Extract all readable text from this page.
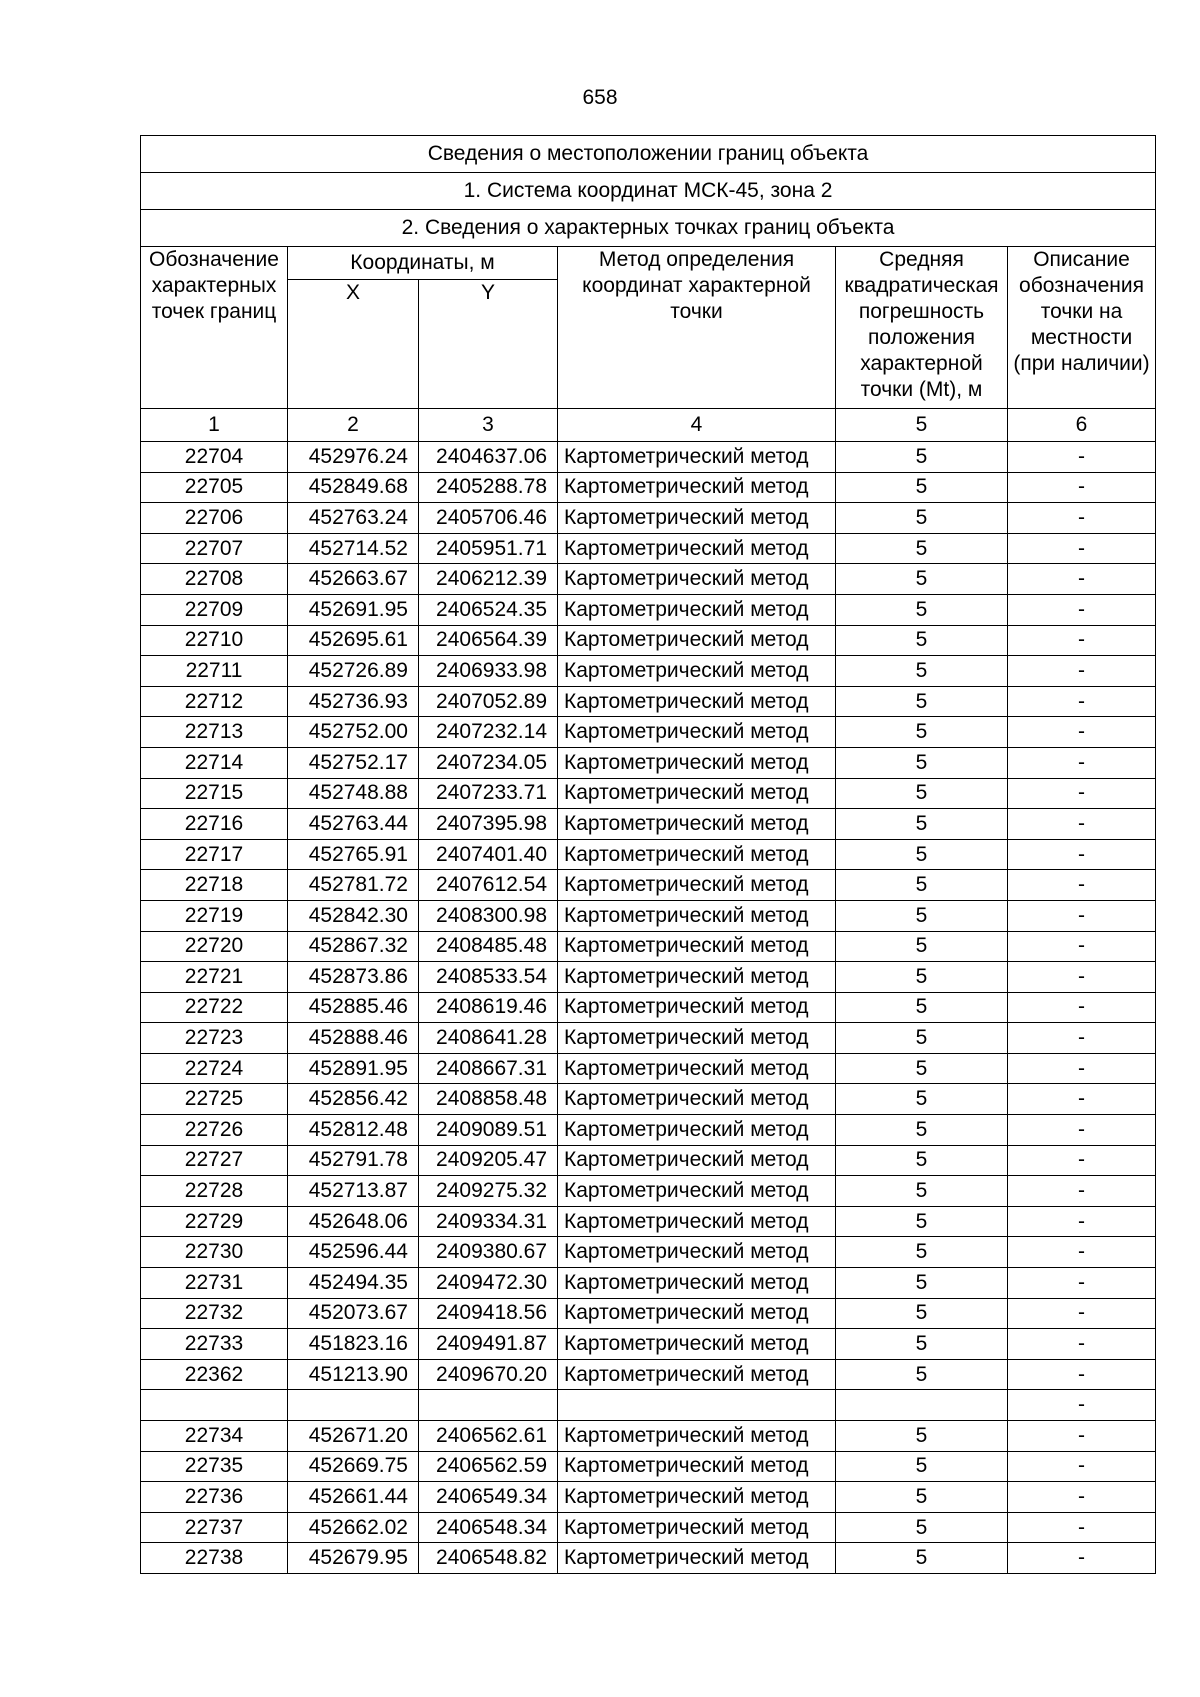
658
Сведения о местоположении границ объекта					
1. Система координат МСК-45, зона 2					
2. Сведения о характерных точках границ объекта					
Обозначение характерных точек границ	Координаты, м		Метод определения координат характерной точки	Средняя квадратическая погрешность положения характерной точки (Mt), м	Описание обозначения точки на местности (при наличии)
	X	Y			
1	2	3	4	5	6
22704	452976.24	2404637.06	Картометрический метод	5	-
22705	452849.68	2405288.78	Картометрический метод	5	-
22706	452763.24	2405706.46	Картометрический метод	5	-
22707	452714.52	2405951.71	Картометрический метод	5	-
22708	452663.67	2406212.39	Картометрический метод	5	-
22709	452691.95	2406524.35	Картометрический метод	5	-
22710	452695.61	2406564.39	Картометрический метод	5	-
22711	452726.89	2406933.98	Картометрический метод	5	-
22712	452736.93	2407052.89	Картометрический метод	5	-
22713	452752.00	2407232.14	Картометрический метод	5	-
22714	452752.17	2407234.05	Картометрический метод	5	-
22715	452748.88	2407233.71	Картометрический метод	5	-
22716	452763.44	2407395.98	Картометрический метод	5	-
22717	452765.91	2407401.40	Картометрический метод	5	-
22718	452781.72	2407612.54	Картометрический метод	5	-
22719	452842.30	2408300.98	Картометрический метод	5	-
22720	452867.32	2408485.48	Картометрический метод	5	-
22721	452873.86	2408533.54	Картометрический метод	5	-
22722	452885.46	2408619.46	Картометрический метод	5	-
22723	452888.46	2408641.28	Картометрический метод	5	-
22724	452891.95	2408667.31	Картометрический метод	5	-
22725	452856.42	2408858.48	Картометрический метод	5	-
22726	452812.48	2409089.51	Картометрический метод	5	-
22727	452791.78	2409205.47	Картометрический метод	5	-
22728	452713.87	2409275.32	Картометрический метод	5	-
22729	452648.06	2409334.31	Картометрический метод	5	-
22730	452596.44	2409380.67	Картометрический метод	5	-
22731	452494.35	2409472.30	Картометрический метод	5	-
22732	452073.67	2409418.56	Картометрический метод	5	-
22733	451823.16	2409491.87	Картометрический метод	5	-
22362	451213.90	2409670.20	Картометрический метод	5	-
					-
22734	452671.20	2406562.61	Картометрический метод	5	-
22735	452669.75	2406562.59	Картометрический метод	5	-
22736	452661.44	2406549.34	Картометрический метод	5	-
22737	452662.02	2406548.34	Картометрический метод	5	-
22738	452679.95	2406548.82	Картометрический метод	5	-
